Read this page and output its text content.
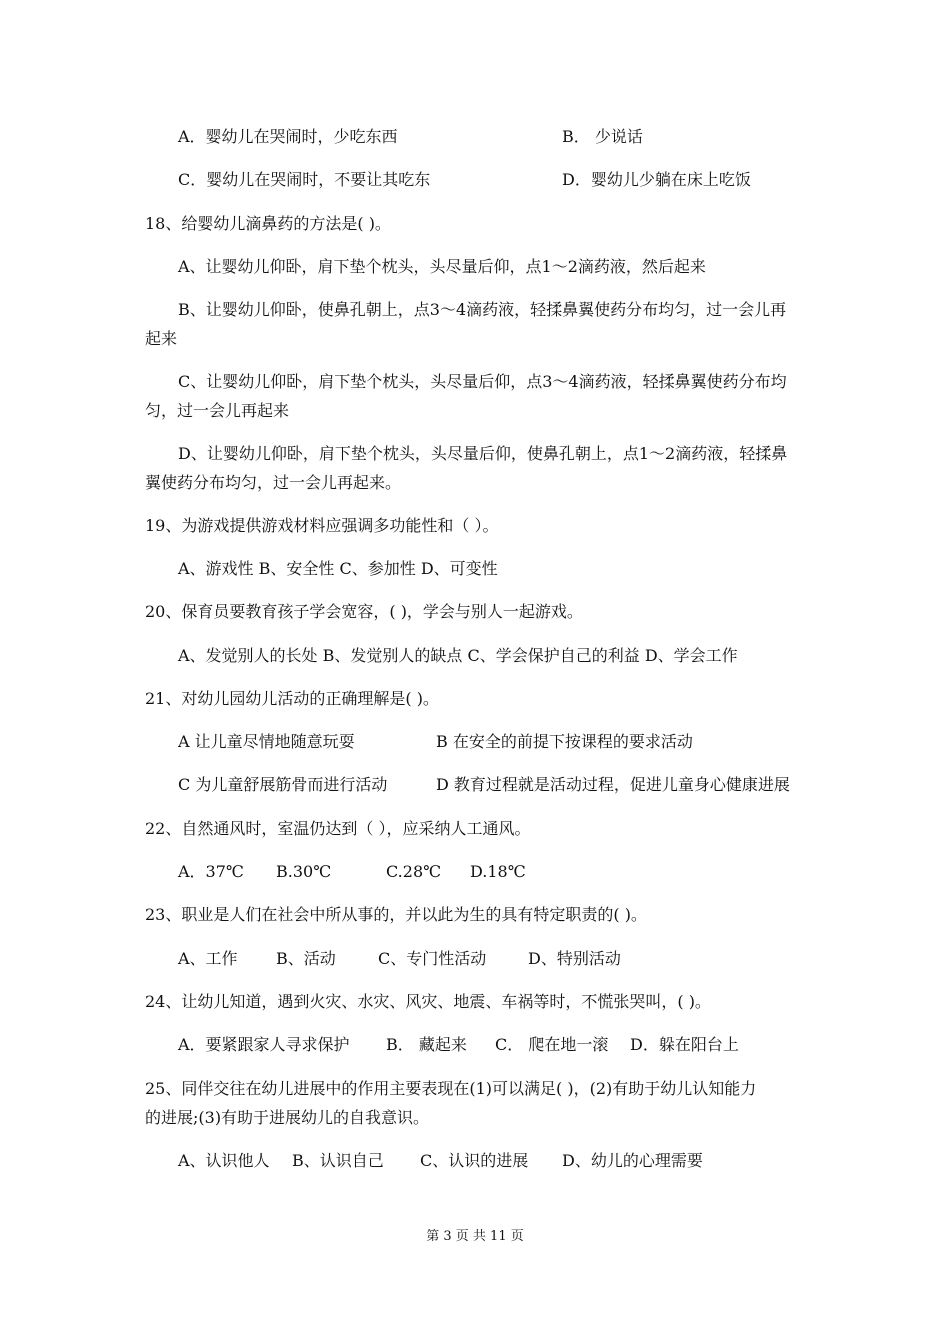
A．婴幼儿在哭闹时，少吃东西	B． 少说话
C．婴幼儿在哭闹时，不要让其吃东	D．婴幼儿少躺在床上吃饭
18、给婴幼儿滴鼻药的方法是( )。
A、让婴幼儿仰卧，肩下垫个枕头，头尽量后仰，点1～2滴药液，然后起来
B、让婴幼儿仰卧，使鼻孔朝上，点3～4滴药液，轻揉鼻翼使药分布均匀，过一会儿再
起来
C、让婴幼儿仰卧，肩下垫个枕头，头尽量后仰，点3～4滴药液，轻揉鼻翼使药分布均
匀，过一会儿再起来
D、让婴幼儿仰卧，肩下垫个枕头，头尽量后仰，使鼻孔朝上，点1～2滴药液，轻揉鼻
翼使药分布均匀，过一会儿再起来。
19、为游戏提供游戏材料应强调多功能性和（ ）。
A、游戏性 B、安全性 C、参加性 D、可变性
20、保育员要教育孩子学会宽容，( )，学会与别人一起游戏。
A、发觉别人的长处 B、发觉别人的缺点 C、学会保护自己的利益 D、学会工作
21、对幼儿园幼儿活动的正确理解是( )。
A 让儿童尽情地随意玩耍	B 在安全的前提下按课程的要求活动
C 为儿童舒展筋骨而进行活动	D 教育过程就是活动过程，促进儿童身心健康进展
22、自然通风时，室温仍达到（ ），应采纳人工通风。
A．37℃ B.30℃	C.28℃ D.18℃
23、职业是人们在社会中所从事的，并以此为生的具有特定职责的( )。
A、工作 B、活动	C、专门性活动	D、特别活动
24、让幼儿知道，遇到火灾、水灾、风灾、地震、车祸等时，不慌张哭叫，( )。
A．要紧跟家人寻求保护 B． 藏起来 C． 爬在地一滚 D．躲在阳台上
25、同伴交往在幼儿进展中的作用主要表现在(1)可以满足( )，(2)有助于幼儿认知能力
的进展;(3)有助于进展幼儿的自我意识。
A、认识他人 B、认识自己 C、认识的进展 D、幼儿的心理需要
第 3 页 共 11 页
